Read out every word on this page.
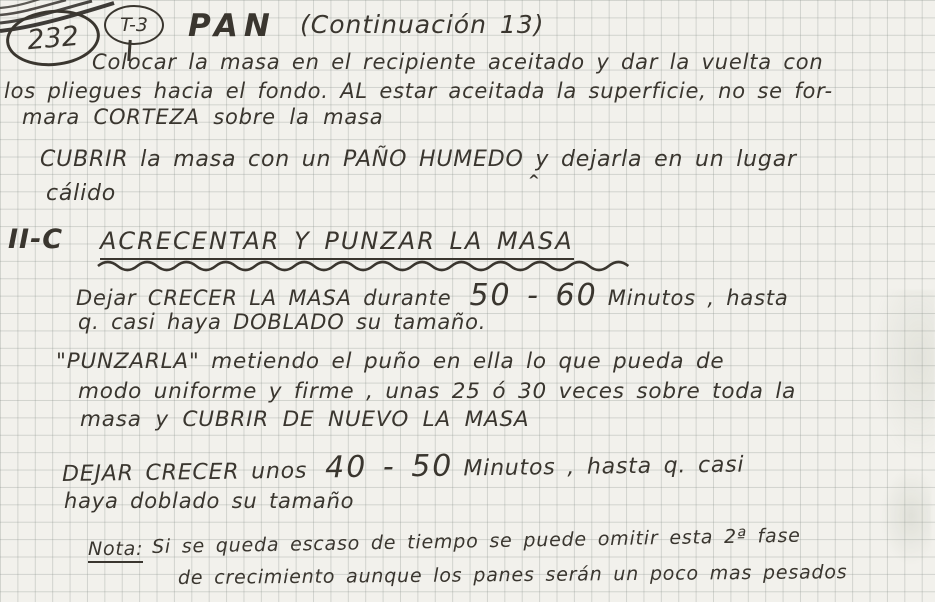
232 T-3 PAN (Continuación 13)
Colocar la masa en el recipiente aceitado y dar la vuelta con
los pliegues hacia el fondo. AL estar aceitada la superficie, no se for-
mara CORTEZA sobre la masa
CUBRIR la masa con un PAÑO HUMEDO y dejarla en un lugar
^
cálido
II-C ACRECENTAR Y PUNZAR LA MASA
Dejar CRECER LA MASA durante 50 - 60 Minutos , hasta
q. casi haya DOBLADO su tamaño.
"PUNZARLA" metiendo el puño en ella lo que pueda de
modo uniforme y firme , unas 25 ó 30 veces sobre toda la
masa y CUBRIR DE NUEVO LA MASA
DEJAR CRECER unos 40 - 50 Minutos , hasta q. casi
haya doblado su tamaño
Nota: Si se queda escaso de tiempo se puede omitir esta 2ª fase
de crecimiento aunque los panes serán un poco mas pesados
